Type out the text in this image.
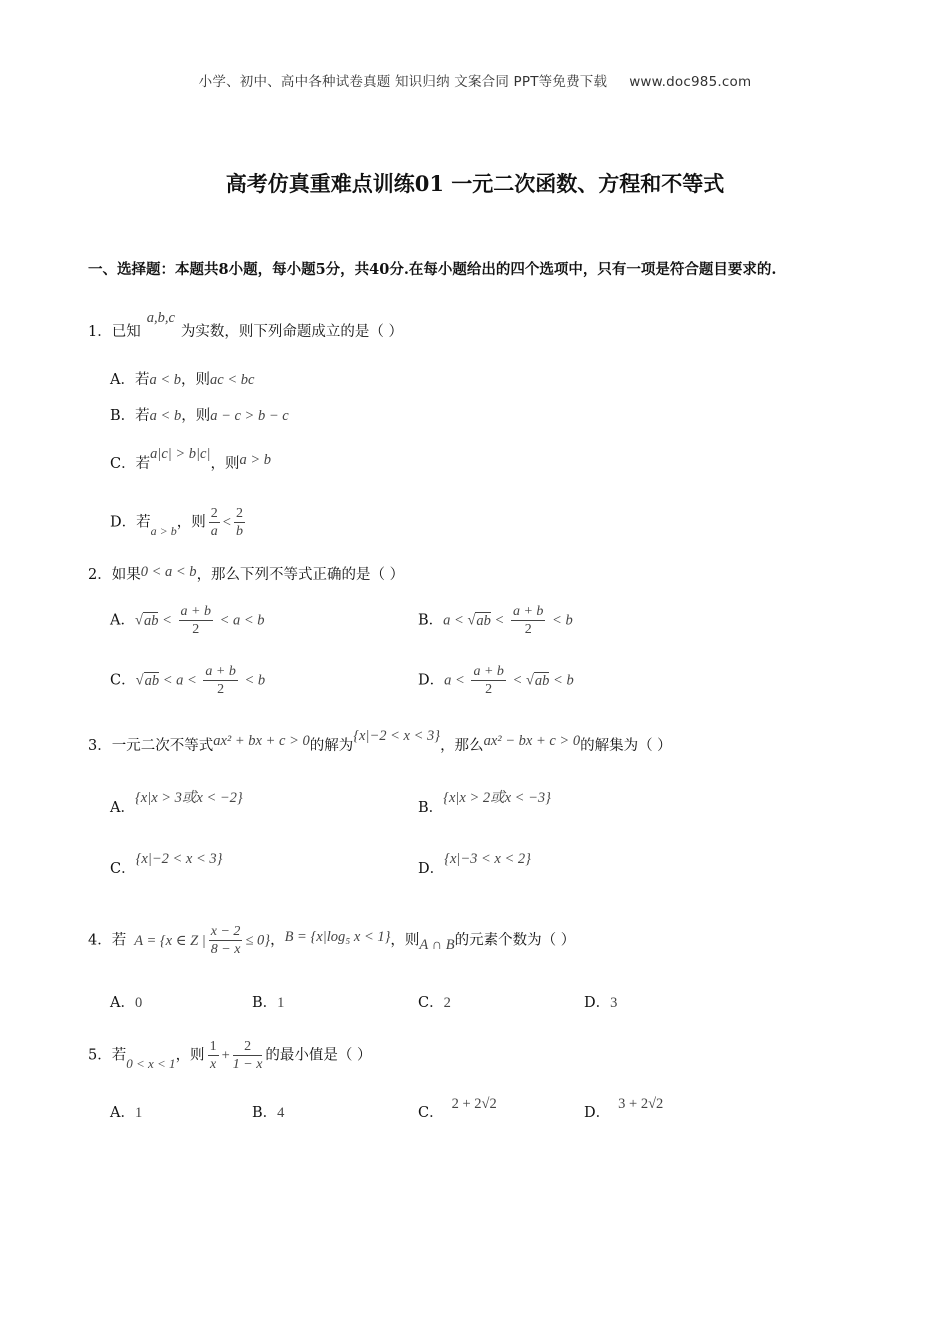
小学、初中、高中各种试卷真题 知识归纳 文案合同 PPT等免费下载 www.doc985.com
高考仿真重难点训练01 一元二次函数、方程和不等式
一、选择题：本题共8小题，每小题5分，共40分.在每小题给出的四个选项中，只有一项是符合题目要求的.
1．已知a,b,c为实数，则下列命题成立的是（ ）
A．若a < b，则ac < bc
B．若a < b，则a − c > b − c
C．若a|c| > b|c|，则a > b
D．若$_{a > b}$，则 $\frac{2}{a} < \frac{2}{b}$
2．如果0 < a < b，那么下列不等式正确的是（ ）
A．$√ab < \frac{a + b}{2} < a < b$	B．$a < √ab < \frac{a + b}{2} < b$
C．$√ab < a < \frac{a + b}{2} < b$	D．$a < \frac{a + b}{2} < √ab < b$
3．一元二次不等式ax² + bx + c > 0的解为{x|−2 < x < 3}，那么ax² − bx + c > 0的解集为（ ）
A．{x|x > 3或x < −2}
B．{x|x > 2或x < −3}
C．{x|−2 < x < 3}
D．{x|−3 < x < 2}
4．若 A = {x ∈ Z | $\frac{x - 2}{8 - x} \le 0$}，B = {x|log₅ x < 1}，则A ∩ B的元素个数为（ ）
A．0	B．1	C．2	D．3
5．若0 < x < 1，则 $\frac{1}{x} + \frac{2}{1 - x}$ 的最小值是（ ）
A．1	B．4	C．2 + 2√2
D．3 + 2√2
